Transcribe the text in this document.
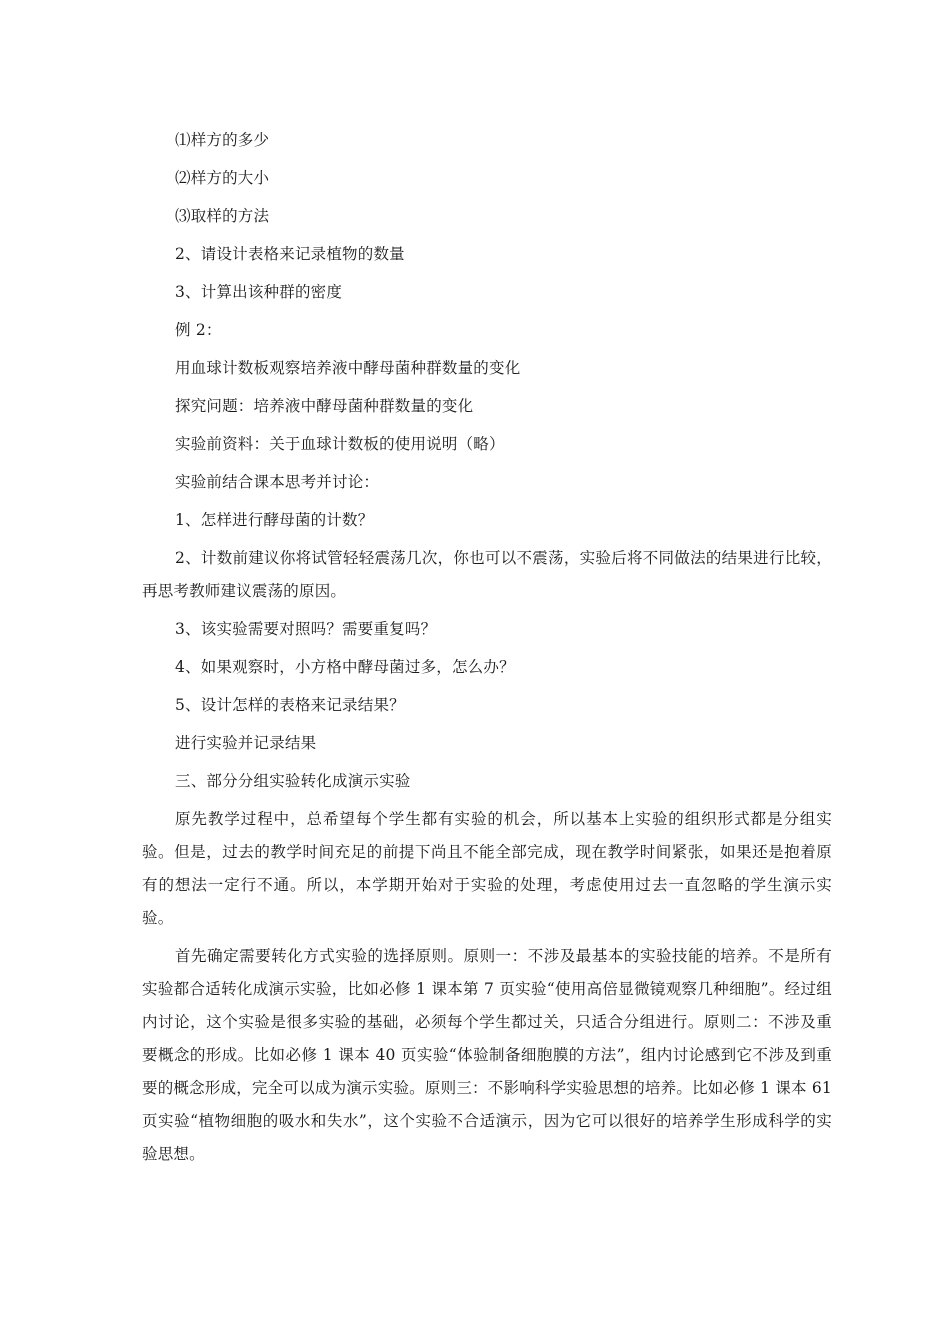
⑴样方的多少

⑵样方的大小

⑶取样的方法

2、请设计表格来记录植物的数量

3、计算出该种群的密度

例 2：

用血球计数板观察培养液中酵母菌种群数量的变化

探究问题：培养液中酵母菌种群数量的变化

实验前资料：关于血球计数板的使用说明（略）

实验前结合课本思考并讨论：

1、怎样进行酵母菌的计数？

2、计数前建议你将试管轻轻震荡几次，你也可以不震荡，实验后将不同做法的结果进行比较，再思考教师建议震荡的原因。

3、该实验需要对照吗？需要重复吗？

4、如果观察时，小方格中酵母菌过多，怎么办？

5、设计怎样的表格来记录结果？

进行实验并记录结果

三、部分分组实验转化成演示实验

原先教学过程中，总希望每个学生都有实验的机会，所以基本上实验的组织形式都是分组实验。但是，过去的教学时间充足的前提下尚且不能全部完成，现在教学时间紧张，如果还是抱着原有的想法一定行不通。所以，本学期开始对于实验的处理，考虑使用过去一直忽略的学生演示实验。

首先确定需要转化方式实验的选择原则。原则一：不涉及最基本的实验技能的培养。不是所有实验都合适转化成演示实验，比如必修 1 课本第 7 页实验“使用高倍显微镜观察几种细胞”。经过组内讨论，这个实验是很多实验的基础，必须每个学生都过关，只适合分组进行。原则二：不涉及重要概念的形成。比如必修 1 课本 40 页实验“体验制备细胞膜的方法”，组内讨论感到它不涉及到重要的概念形成，完全可以成为演示实验。原则三：不影响科学实验思想的培养。比如必修 1 课本 61 页实验“植物细胞的吸水和失水”，这个实验不合适演示，因为它可以很好的培养学生形成科学的实验思想。
